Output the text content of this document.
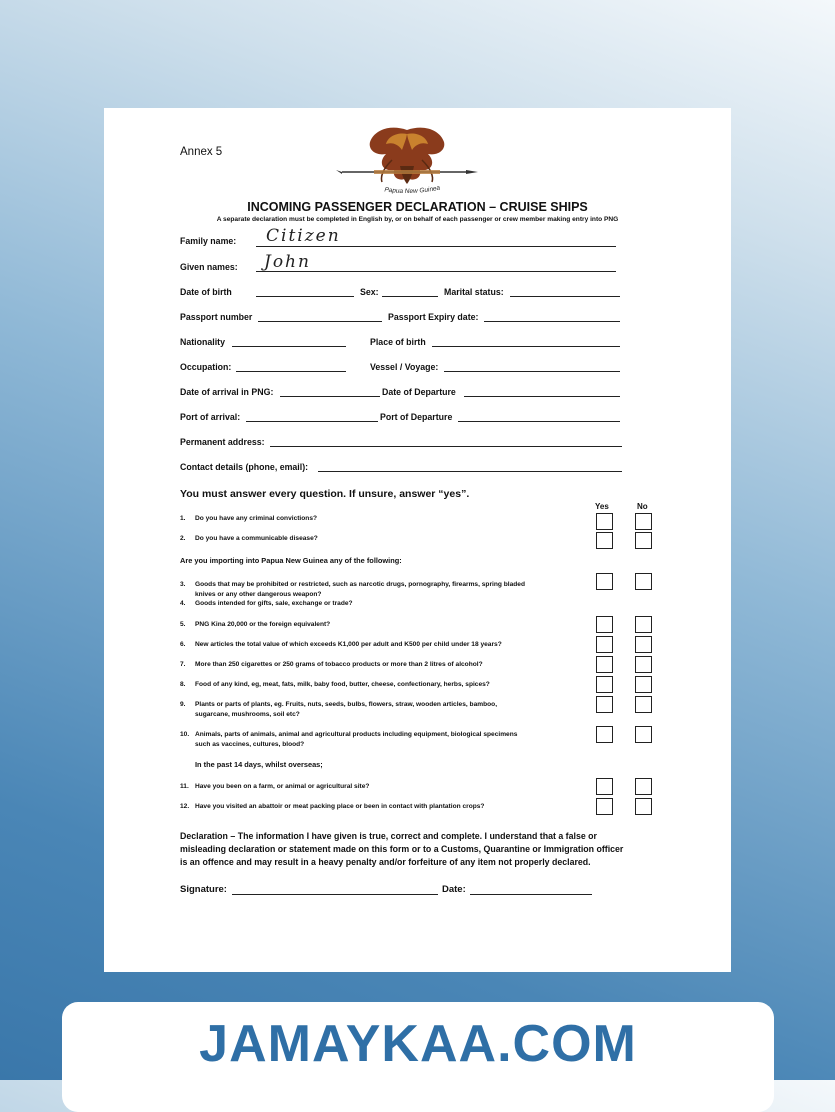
Annex 5
Papua New Guinea
INCOMING PASSENGER DECLARATION – CRUISE SHIPS
A separate declaration must be completed in English by, or on behalf of each passenger or crew member making entry into PNG
Family name: Citizen
Given names: John
Date of birth	Sex:	Marital status:
Passport number	Passport Expiry date:
Nationality	Place of birth
Occupation:	Vessel / Voyage:
Date of arrival in PNG:	Date of Departure
Port of arrival:	Port of Departure
Permanent address:
Contact details (phone, email):
You must answer every question. If unsure, answer “yes”.
Yes	No
1. Do you have any criminal convictions?
2. Do you have a communicable disease?
Are you importing into Papua New Guinea any of the following:
3. Goods that may be prohibited or restricted, such as narcotic drugs, pornography, firearms, spring bladed
knives or any other dangerous weapon?
4. Goods intended for gifts, sale, exchange or trade?
5. PNG Kina 20,000 or the foreign equivalent?
6. New articles the total value of which exceeds K1,000 per adult and K500 per child under 18 years?
7. More than 250 cigarettes or 250 grams of tobacco products or more than 2 litres of alcohol?
8. Food of any kind, eg, meat, fats, milk, baby food, butter, cheese, confectionary, herbs, spices?
9. Plants or parts of plants, eg. Fruits, nuts, seeds, bulbs, flowers, straw, wooden articles, bamboo,
sugarcane, mushrooms, soil etc?
10. Animals, parts of animals, animal and agricultural products including equipment, biological specimens
such as vaccines, cultures, blood?
In the past 14 days, whilst overseas;
11. Have you been on a farm, or animal or agricultural site?
12. Have you visited an abattoir or meat packing place or been in contact with plantation crops?
Declaration – The information I have given is true, correct and complete. I understand that a false or
misleading declaration or statement made on this form or to a Customs, Quarantine or Immigration officer
is an offence and may result in a heavy penalty and/or forfeiture of any item not properly declared.
Signature:	Date:
JAMAYKAA.COM
